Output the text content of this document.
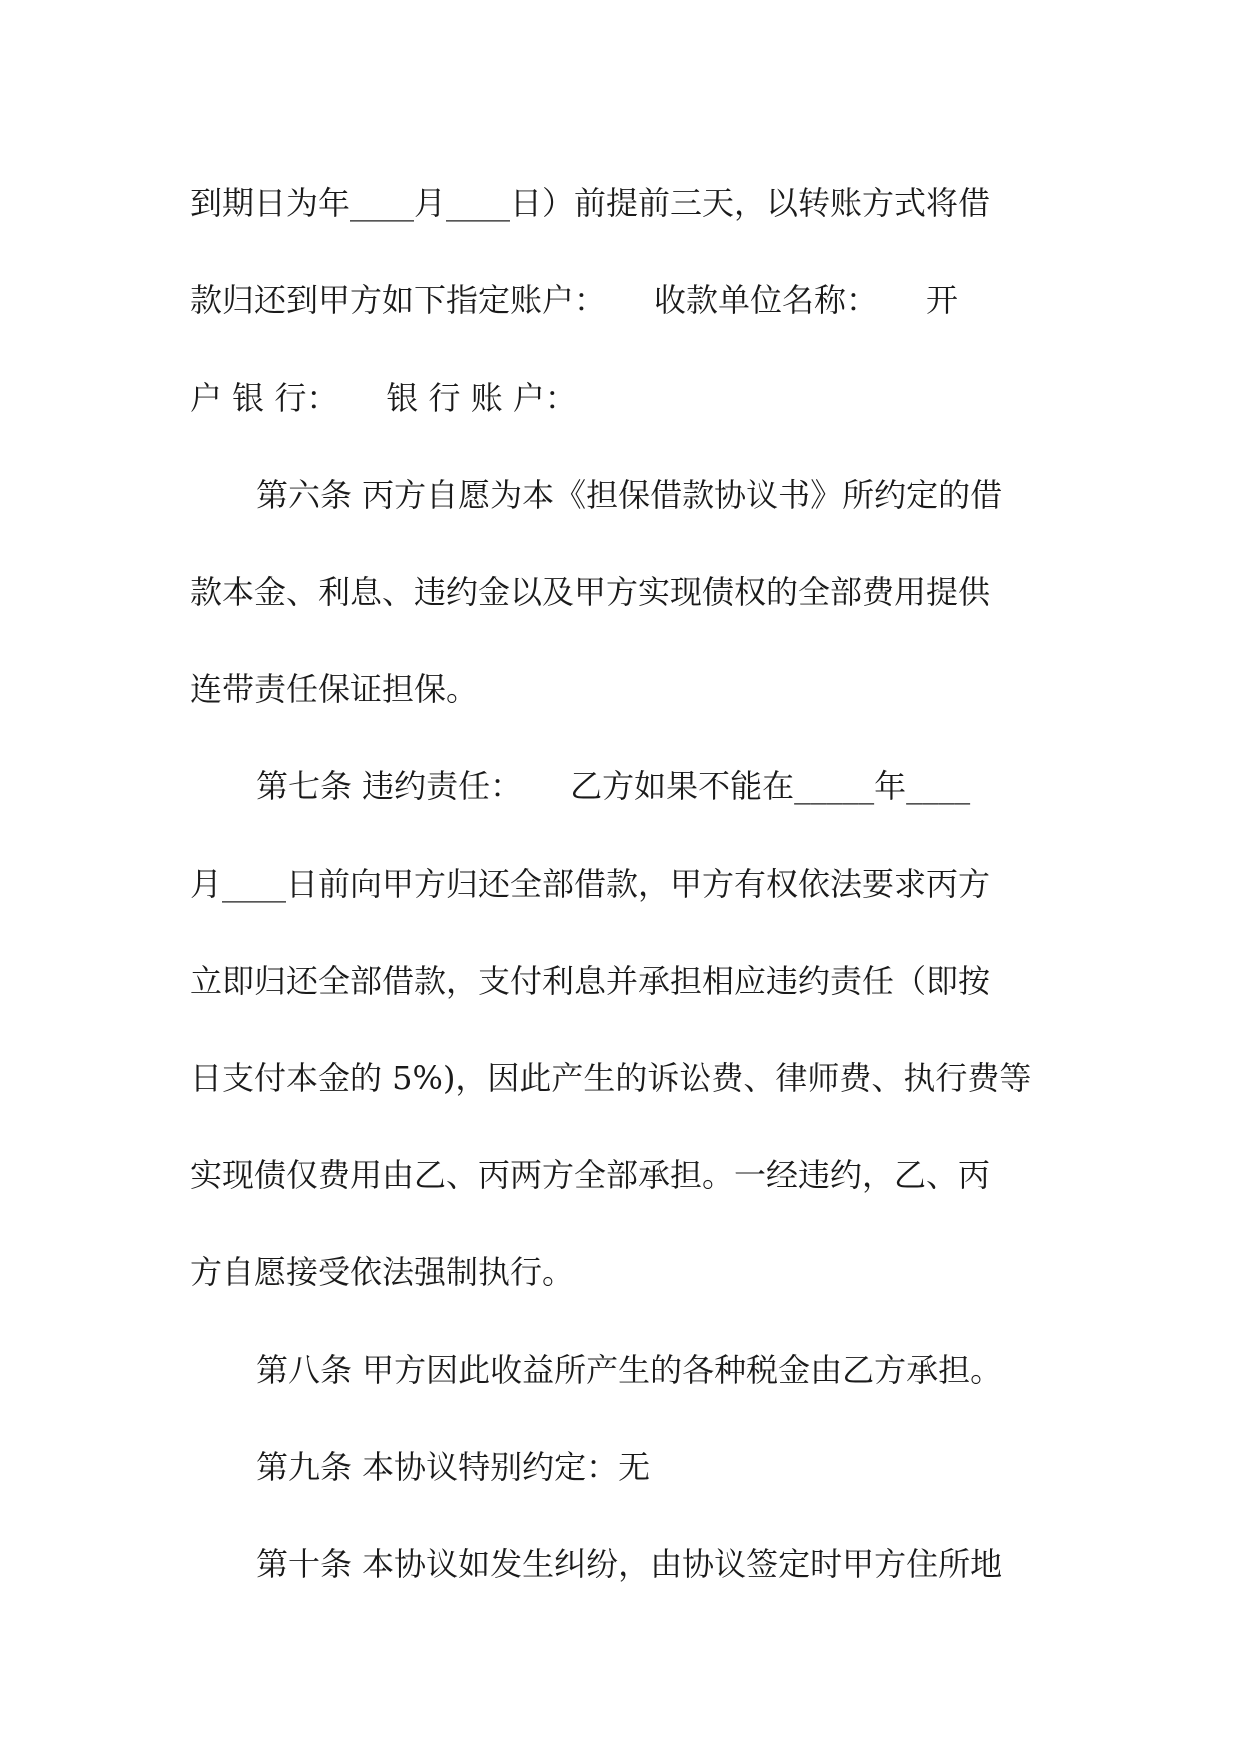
到期日为年____月____日）前提前三天，以转账方式将借
款归还到甲方如下指定账户：　　收款单位名称：　　开
户 银 行：　　银 行 账 户：
第六条 丙方自愿为本《担保借款协议书》所约定的借
款本金、利息、违约金以及甲方实现债权的全部费用提供
连带责任保证担保。
第七条 违约责任：　　乙方如果不能在_____年____
月____日前向甲方归还全部借款，甲方有权依法要求丙方
立即归还全部借款，支付利息并承担相应违约责任（即按
日支付本金的 5%)，因此产生的诉讼费、律师费、执行费等
实现债仅费用由乙、丙两方全部承担。一经违约，乙、丙
方自愿接受依法强制执行。
第八条 甲方因此收益所产生的各种税金由乙方承担。
第九条 本协议特别约定：无
第十条 本协议如发生纠纷，由协议签定时甲方住所地
